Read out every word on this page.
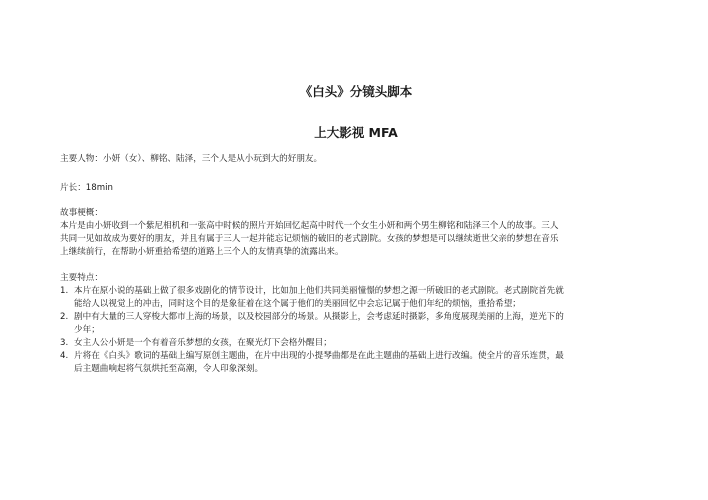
《白头》分镜头脚本
上大影视 MFA
主要人物：小妍（女）、柳铭、陆泽，三个人是从小玩到大的好朋友。
片长：18min
故事梗概：
本片是由小妍收到一个紫尼相机和一张高中时候的照片开始回忆起高中时代一个女生小妍和两个男生柳铭和陆泽三个人的故事。三人
共同一见如故成为要好的朋友，并且有属于三人一起并能忘记烦恼的破旧的老式剧院。女孩的梦想是可以继续逝世父亲的梦想在音乐
上继续前行，在帮助小妍重拾希望的道路上三个人的友情真挚的流露出来。
主要特点：
1. 本片在原小说的基础上做了很多戏剧化的情节设计，比如加上他们共同美丽憧憬的梦想之源一所破旧的老式剧院。老式剧院首先就
能给人以视觉上的冲击，同时这个目的是象征着在这个属于他们的美丽回忆中会忘记属于他们年纪的烦恼，重拾希望；
2. 剧中有大量的三人穿梭大都市上海的场景，以及校园部分的场景。从摄影上，会考虑延时摄影，多角度展现美丽的上海，逆光下的
少年；
3. 女主人公小妍是一个有着音乐梦想的女孩，在聚光灯下会格外醒目；
4. 片将在《白头》歌词的基础上编写原创主题曲，在片中出现的小提琴曲都是在此主题曲的基础上进行改编。使全片的音乐连贯，最
后主题曲响起将气氛烘托至高潮，令人印象深刻。
